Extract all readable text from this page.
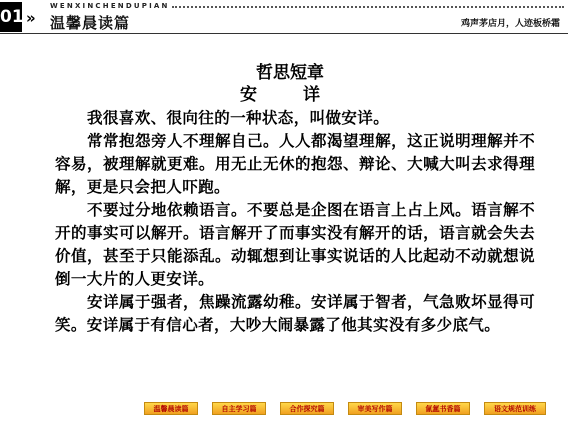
01 »
WENXINCHENDUPIAN
温馨晨读篇	鸡声茅店月，人迹板桥霜
哲思短章
安 详

我很喜欢、很向往的一种状态，叫做安详。

常常抱怨旁人不理解自己。人人都渴望理解，这正说明理解并不容易，被理解就更难。用无止无休的抱怨、辩论、大喊大叫去求得理解，更是只会把人吓跑。

不要过分地依赖语言。不要总是企图在语言上占上风。语言解不开的事实可以解开。语言解开了而事实没有解开的话，语言就会失去价值，甚至于只能添乱。动辄想到让事实说话的人比起动不动就想说倒一大片的人更安详。

安详属于强者，焦躁流露幼稚。安详属于智者，气急败坏显得可笑。安详属于有信心者，大吵大闹暴露了他其实没有多少底气。

温馨晨读篇	自主学习篇	合作探究篇	审美写作篇	氤氲书香篇	语文规范训练
